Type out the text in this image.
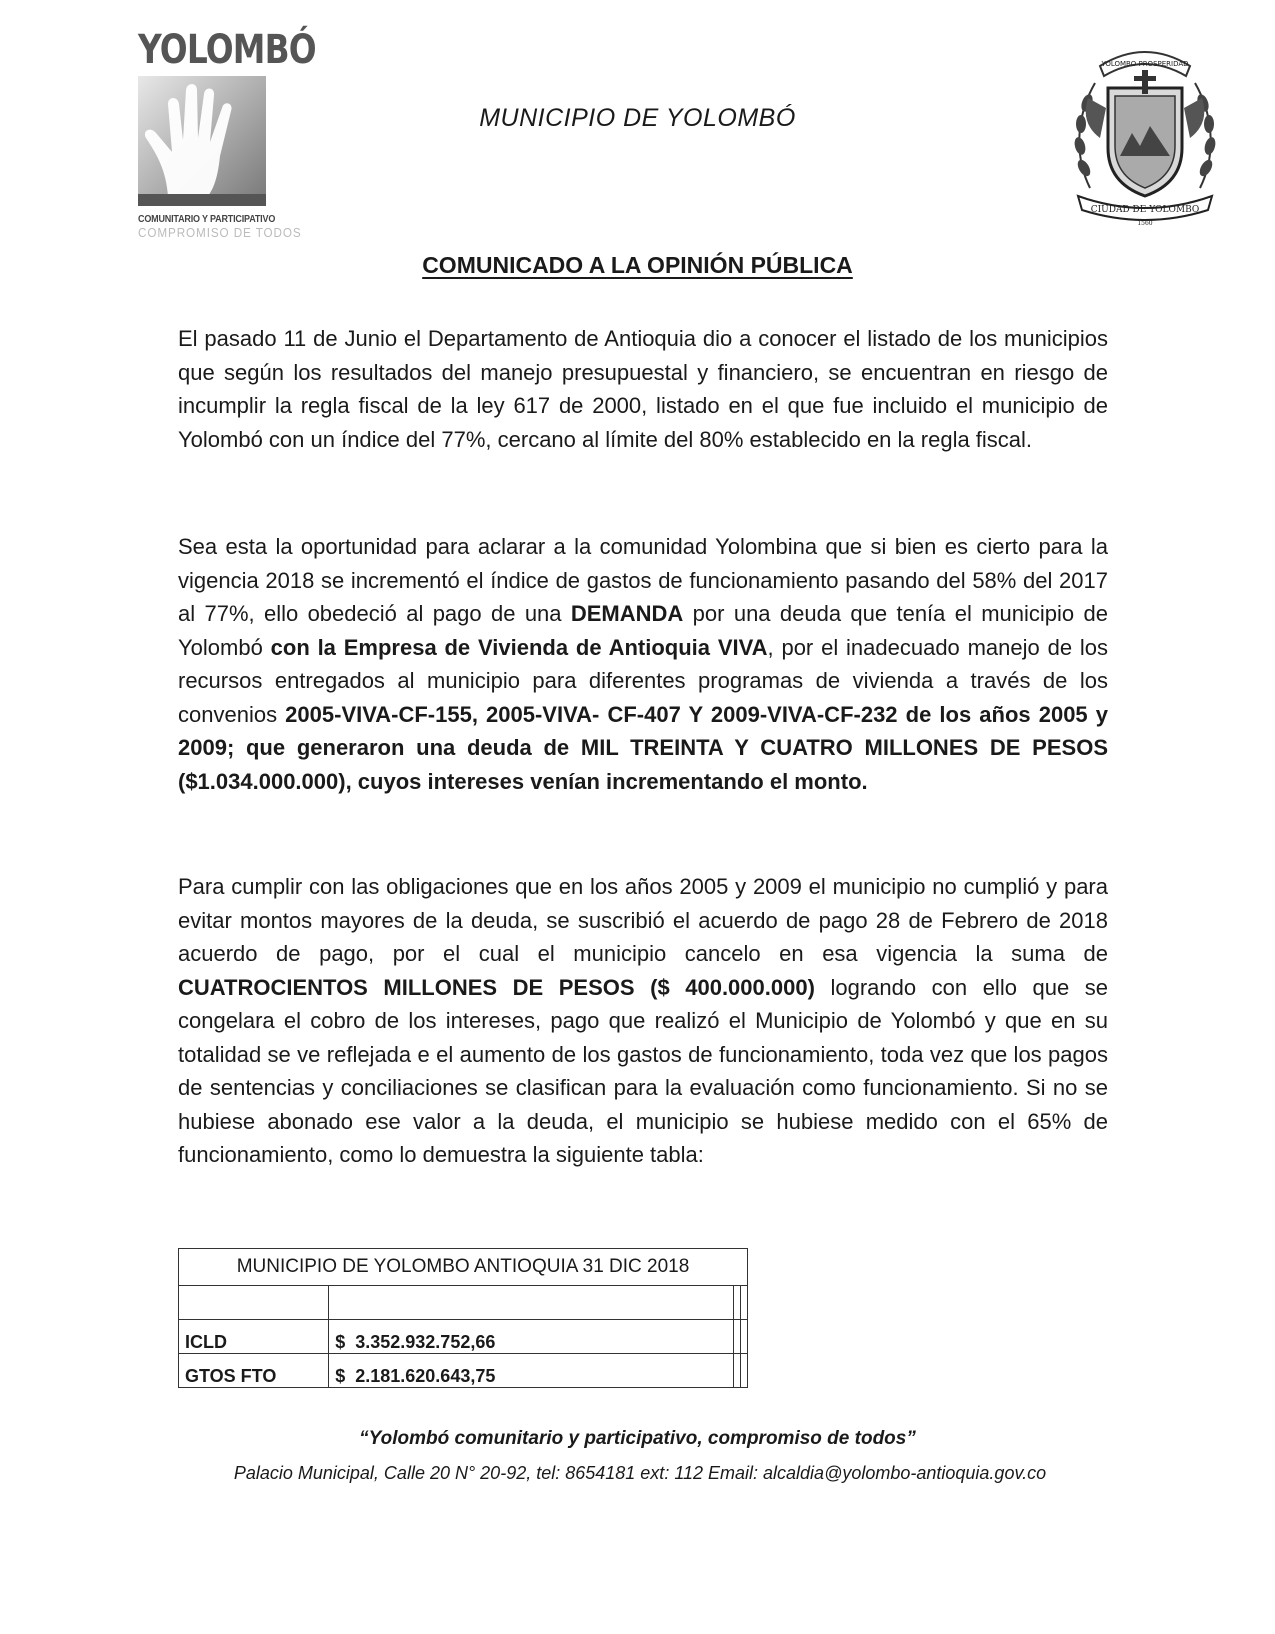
YOLOMBÓ
COMUNITARIO Y PARTICIPATIVO
COMPROMISO DE TODOS
MUNICIPIO DE YOLOMBÓ
YOLOMBO PROSPERIDAD
CIUDAD DE YOLOMBO
1560
COMUNICADO A LA OPINIÓN PÚBLICA

El pasado 11 de Junio el Departamento de Antioquia dio a conocer el listado de los municipios que según los resultados del manejo presupuestal y financiero, se encuentran en riesgo de incumplir la regla fiscal de la ley 617 de 2000, listado en el que fue incluido el municipio de Yolombó con un índice del 77%, cercano al límite del 80% establecido en la regla fiscal.

Sea esta la oportunidad para aclarar a la comunidad Yolombina que si bien es cierto para la vigencia 2018 se incrementó el índice de gastos de funcionamiento pasando del 58% del 2017 al 77%, ello obedeció al pago de una DEMANDA por una deuda que tenía el municipio de Yolombó con la Empresa de Vivienda de Antioquia VIVA, por el inadecuado manejo de los recursos entregados al municipio para diferentes programas de vivienda a través de los convenios 2005-VIVA-CF-155, 2005-VIVA- CF-407 Y 2009-VIVA-CF-232 de los años 2005 y 2009; que generaron una deuda de MIL TREINTA Y CUATRO MILLONES DE PESOS ($1.034.000.000), cuyos intereses venían incrementando el monto.

Para cumplir con las obligaciones que en los años 2005 y 2009 el municipio no cumplió y para evitar montos mayores de la deuda, se suscribió el acuerdo de pago 28 de Febrero de 2018 acuerdo de pago, por el cual el municipio cancelo en esa vigencia la suma de CUATROCIENTOS MILLONES DE PESOS ($ 400.000.000) logrando con ello que se congelara el cobro de los intereses, pago que realizó el Municipio de Yolombó y que en su totalidad se ve reflejada e el aumento de los gastos de funcionamiento, toda vez que los pagos de sentencias y conciliaciones se clasifican para la evaluación como funcionamiento. Si no se hubiese abonado ese valor a la deuda, el municipio se hubiese medido con el 65% de funcionamiento, como lo demuestra la siguiente tabla:

MUNICIPIO DE YOLOMBO ANTIOQUIA 31 DIC 2018			

ICLD	$  3.352.932.752,66		
GTOS FTO	$  2.181.620.643,75		
“Yolombó comunitario y participativo, compromiso de todos”
Palacio Municipal, Calle 20 N° 20-92, tel: 8654181 ext: 112 Email: alcaldia@yolombo-antioquia.gov.co
